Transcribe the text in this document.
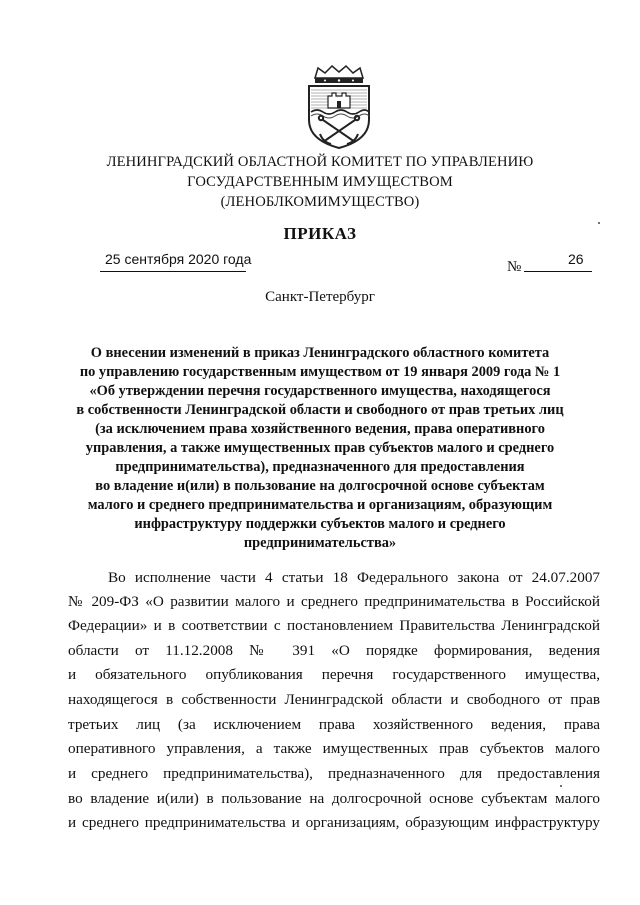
ЛЕНИНГРАДСКИЙ ОБЛАСТНОЙ КОМИТЕТ ПО УПРАВЛЕНИЮ
ГОСУДАРСТВЕННЫМ ИМУЩЕСТВОМ
(ЛЕНОБЛКОМИМУЩЕСТВО)
ПРИКАЗ
25 сентября 2020 года	№	26
Санкт-Петербург
О внесении изменений в приказ Ленинградского областного комитета
по управлению государственным имуществом от 19 января 2009 года № 1
«Об утверждении перечня государственного имущества, находящегося
в собственности Ленинградской области и свободного от прав третьих лиц
(за исключением права хозяйственного ведения, права оперативного
управления, а также имущественных прав субъектов малого и среднего
предпринимательства), предназначенного для предоставления
во владение и(или) в пользование на долгосрочной основе субъектам
малого и среднего предпринимательства и организациям, образующим
инфраструктуру поддержки субъектов малого и среднего
предпринимательства»
Во исполнение части 4 статьи 18 Федерального закона от 24.07.2007
№ 209-ФЗ «О развитии малого и среднего предпринимательства в Российской
Федерации» и в соответствии с постановлением Правительства Ленинградской
области от 11.12.2008 № 391 «О порядке формирования, ведения
и обязательного опубликования перечня государственного имущества,
находящегося в собственности Ленинградской области и свободного от прав
третьих лиц (за исключением права хозяйственного ведения, права
оперативного управления, а также имущественных прав субъектов малого
и среднего предпринимательства), предназначенного для предоставления
во владение и(или) в пользование на долгосрочной основе субъектам малого
и среднего предпринимательства и организациям, образующим инфраструктуру
